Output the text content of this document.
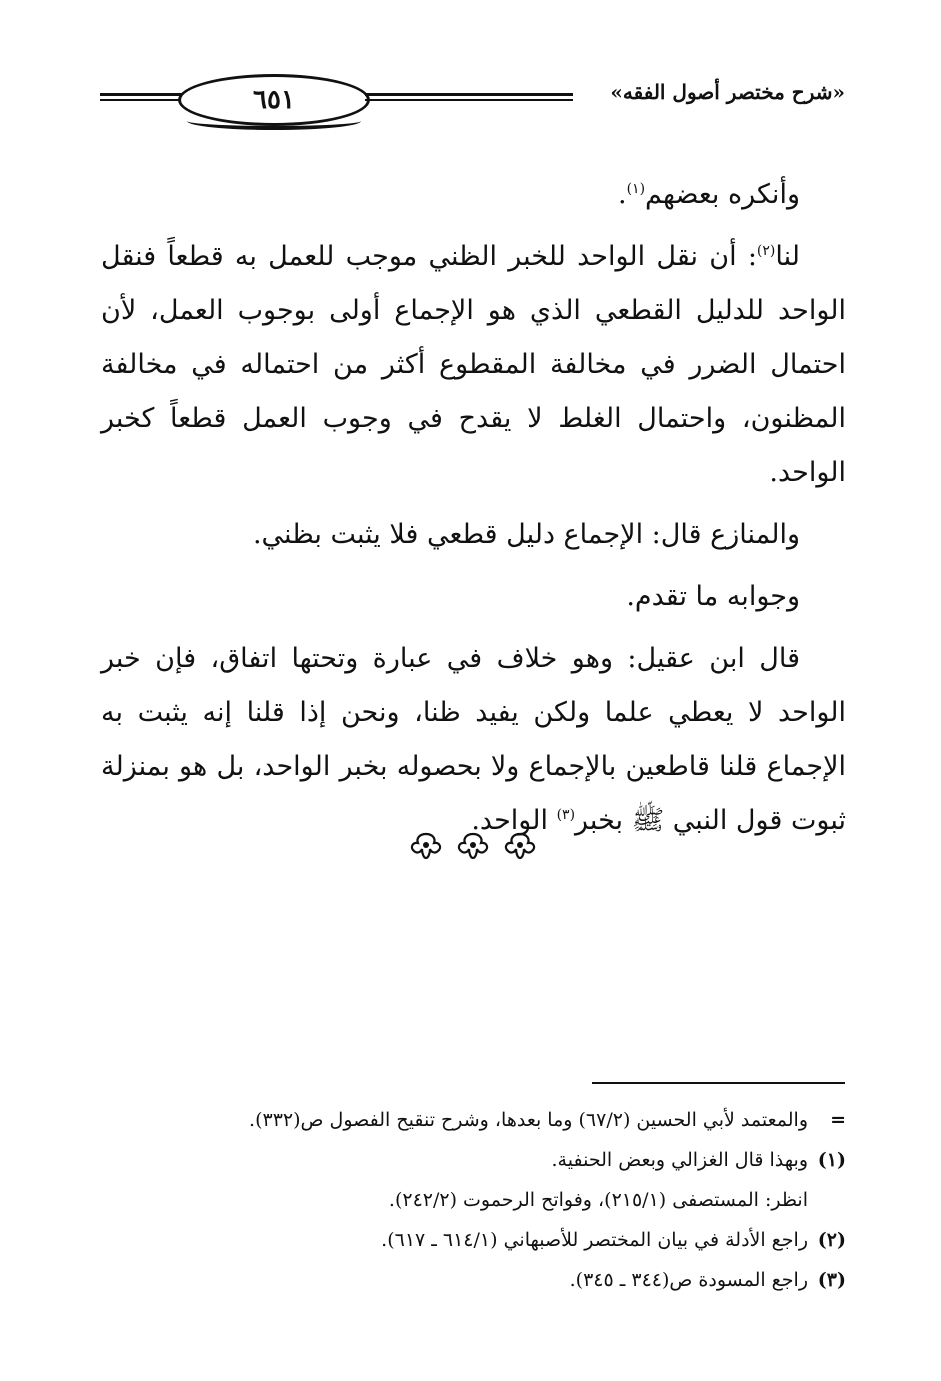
٦٥١	«شرح مختصر أصول الفقه»

وأنكره بعضهم$^{(١)}$.

لنا$^{(٢)}$: أن نقل الواحد للخبر الظني موجب للعمل به قطعاً فنقل الواحد للدليل القطعي الذي هو الإجماع أولى بوجوب العمل، لأن احتمال الضرر في مخالفة المقطوع أكثر من احتماله في مخالفة المظنون، واحتمال الغلط لا يقدح في وجوب العمل قطعاً كخبر الواحد.

والمنازع قال: الإجماع دليل قطعي فلا يثبت بظني.

وجوابه ما تقدم.

قال ابن عقيل: وهو خلاف في عبارة وتحتها اتفاق، فإن خبر الواحد لا يعطي علما ولكن يفيد ظنا، ونحن إذا قلنا إنه يثبت به الإجماع قلنا قاطعين بالإجماع ولا بحصوله بخبر الواحد، بل هو بمنزلة ثبوت قول النبي ﷺ بخبر$^{(٣)}$ الواحد.

=والمعتمد لأبي الحسين (٦٧/٢) وما بعدها، وشرح تنقيح الفصول ص(٣٣٢).

(١)وبهذا قال الغزالي وبعض الحنفية.

انظر: المستصفى (٢١٥/١)، وفواتح الرحموت (٢٤٢/٢).

(٢)راجع الأدلة في بيان المختصر للأصبهاني (٦١٤/١ ـ ٦١٧).

(٣)راجع المسودة ص(٣٤٤ ـ ٣٤٥).
